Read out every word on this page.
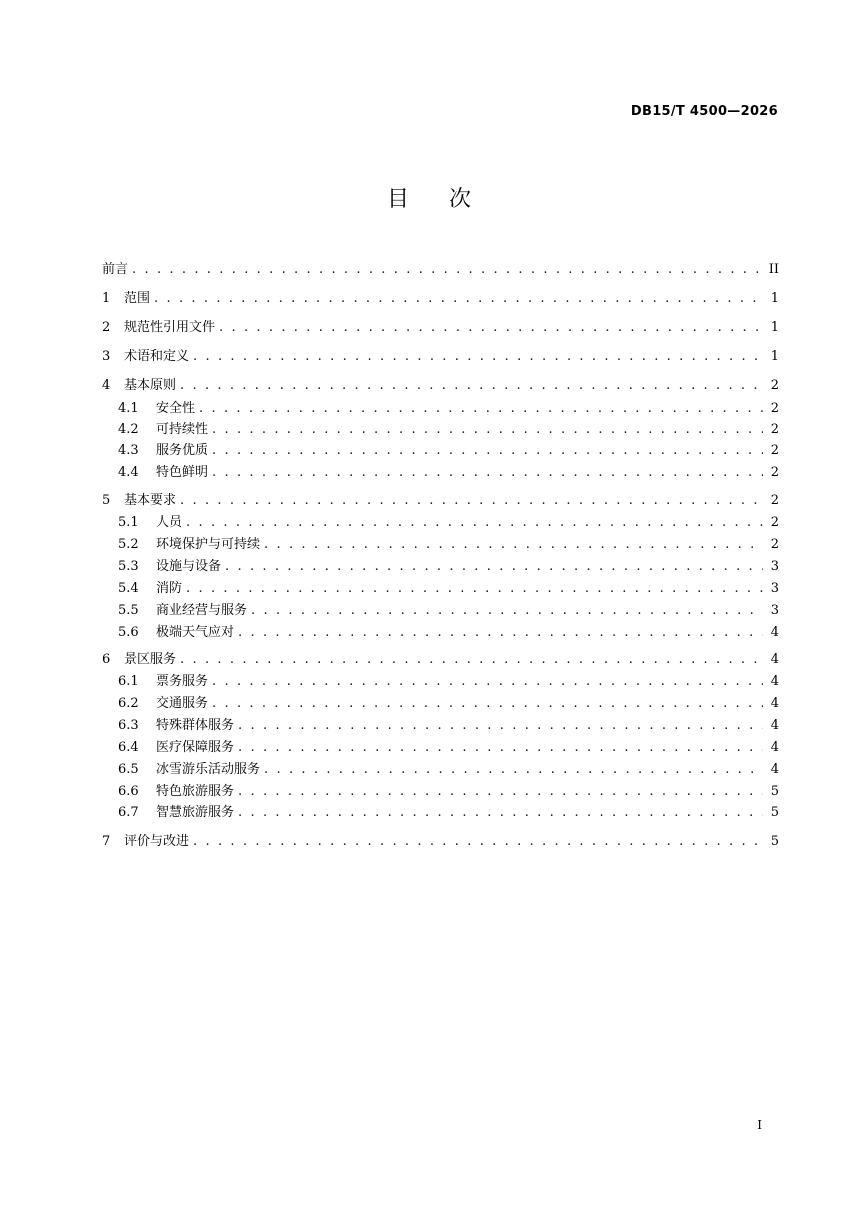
DB15/T 4500—2026
目 次
前言 . . .	II
1	范围 . . .	1
2	规范性引用文件 . . .	1
3	术语和定义 . . .	1
4	基本原则 . . .	2
4.1	安全性 . . .	2
4.2	可持续性 . . .	2
4.3	服务优质 . . .	2
4.4	特色鲜明 . . .	2
5	基本要求 . . .	2
5.1	人员 . . .	2
5.2	环境保护与可持续 . . .	2
5.3	设施与设备 . . .	3
5.4	消防 . . .	3
5.5	商业经营与服务 . . .	3
5.6	极端天气应对 . . .	4
6	景区服务 . . .	4
6.1	票务服务 . . .	4
6.2	交通服务 . . .	4
6.3	特殊群体服务 . . .	4
6.4	医疗保障服务 . . .	4
6.5	冰雪游乐活动服务 . . .	4
6.6	特色旅游服务 . . .	5
6.7	智慧旅游服务 . . .	5
7	评价与改进 . . .	5
I
